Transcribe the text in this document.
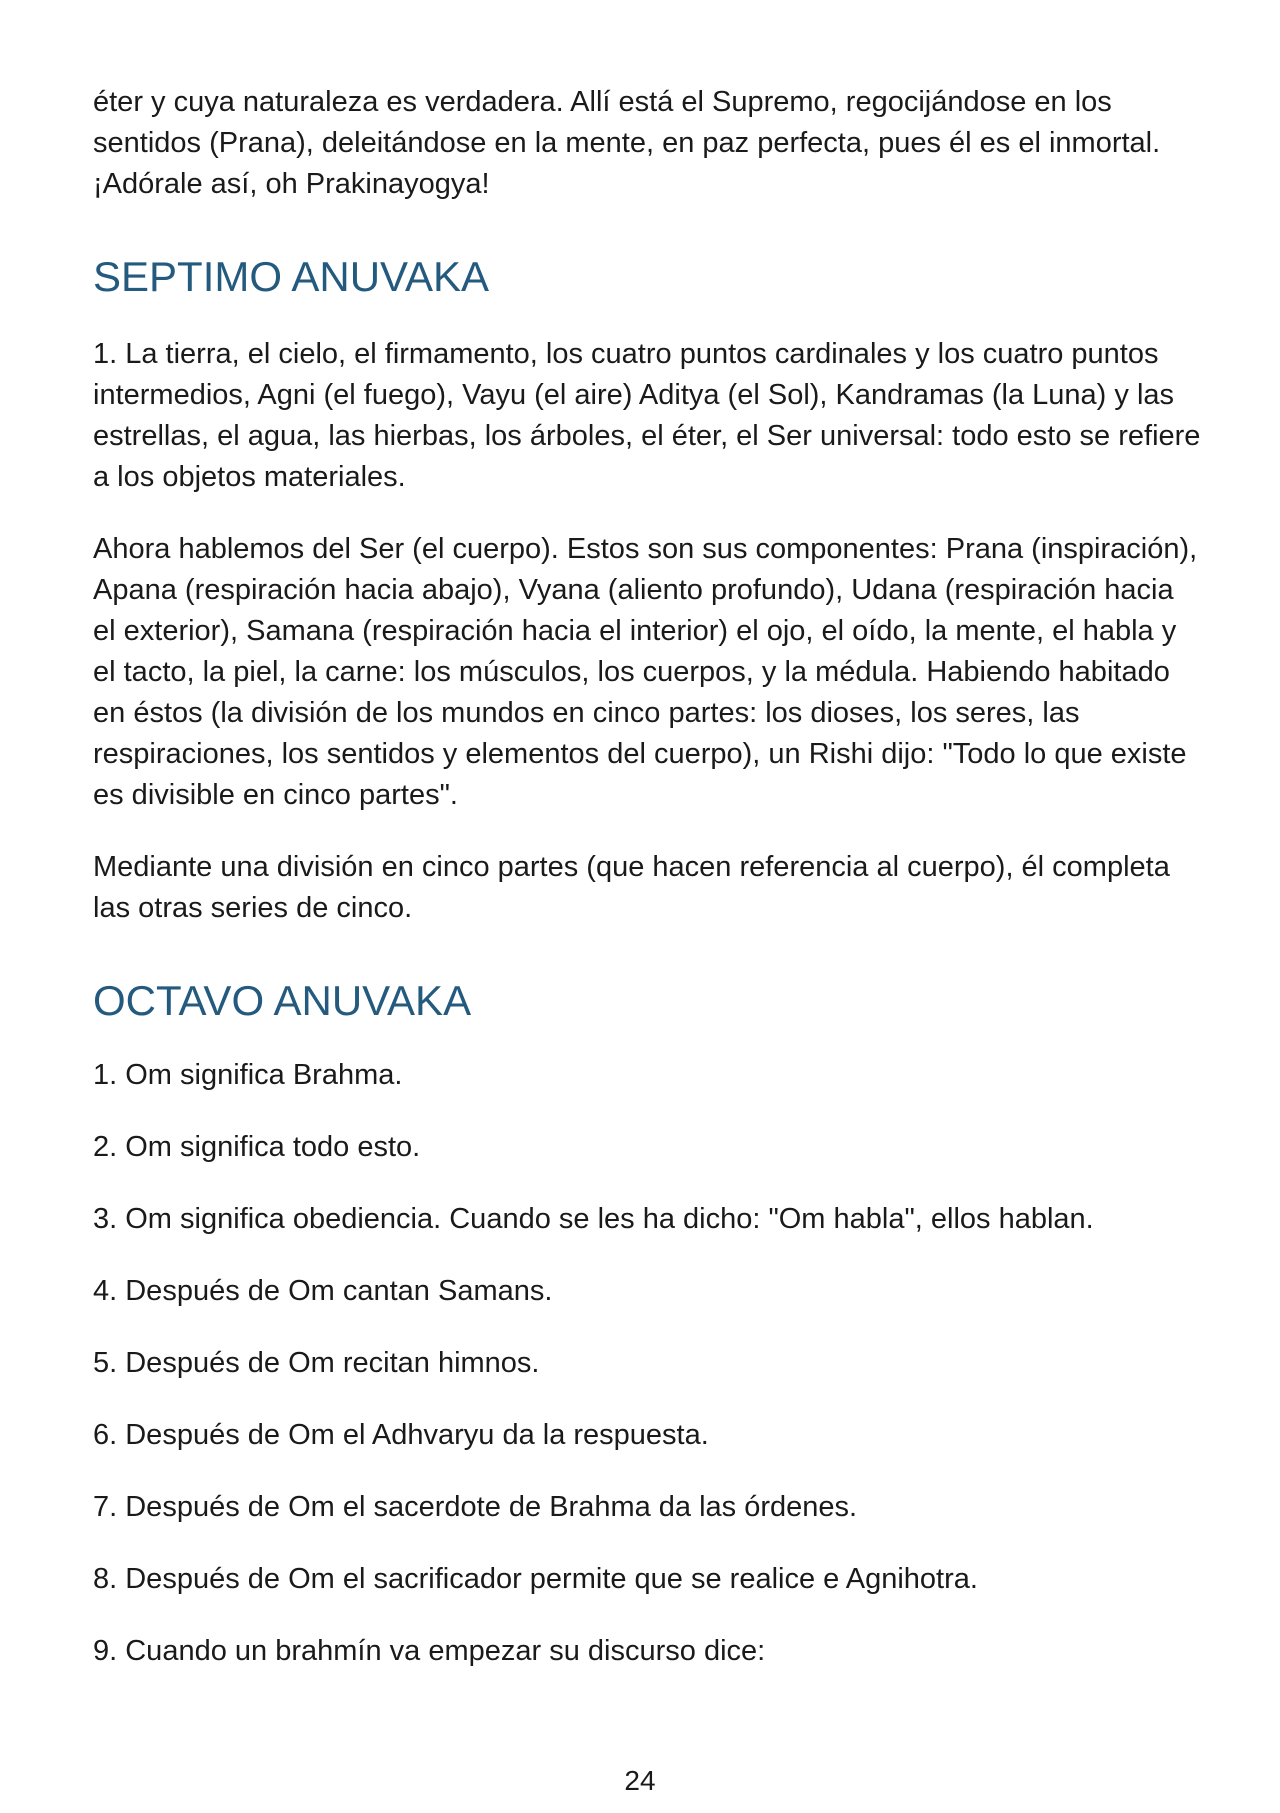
éter y cuya naturaleza es verdadera. Allí está el Supremo, regocijándose en los sentidos (Prana), deleitándose en la mente, en paz perfecta, pues él es el inmortal. ¡Adórale así, oh Prakinayogya!

SEPTIMO ANUVAKA

1. La tierra, el cielo, el firmamento, los cuatro puntos cardinales y los cuatro puntos intermedios, Agni (el fuego), Vayu (el aire) Aditya (el Sol), Kandramas (la Luna) y las estrellas, el agua, las hierbas, los árboles, el éter, el Ser universal: todo esto se refiere a los objetos materiales.

Ahora hablemos del Ser (el cuerpo). Estos son sus componentes: Prana (inspiración), Apana (respiración hacia abajo), Vyana (aliento profundo), Udana (respiración hacia el exterior), Samana (respiración hacia el interior) el ojo, el oído, la mente, el habla y el tacto, la piel, la carne: los músculos, los cuerpos, y la médula. Habiendo habitado en éstos (la división de los mundos en cinco partes: los dioses, los seres, las respiraciones, los sentidos y elementos del cuerpo), un Rishi dijo: "Todo lo que existe es divisible en cinco partes".

Mediante una división en cinco partes (que hacen referencia al cuerpo), él completa las otras series de cinco.

OCTAVO ANUVAKA

1. Om significa Brahma.

2. Om significa todo esto.

3. Om significa obediencia. Cuando se les ha dicho: "Om habla", ellos hablan.

4. Después de Om cantan Samans.

5. Después de Om recitan himnos.

6. Después de Om el Adhvaryu da la respuesta.

7. Después de Om el sacerdote de Brahma da las órdenes.

8. Después de Om el sacrificador permite que se realice e Agnihotra.

9. Cuando un brahmín va empezar su discurso dice:

24
